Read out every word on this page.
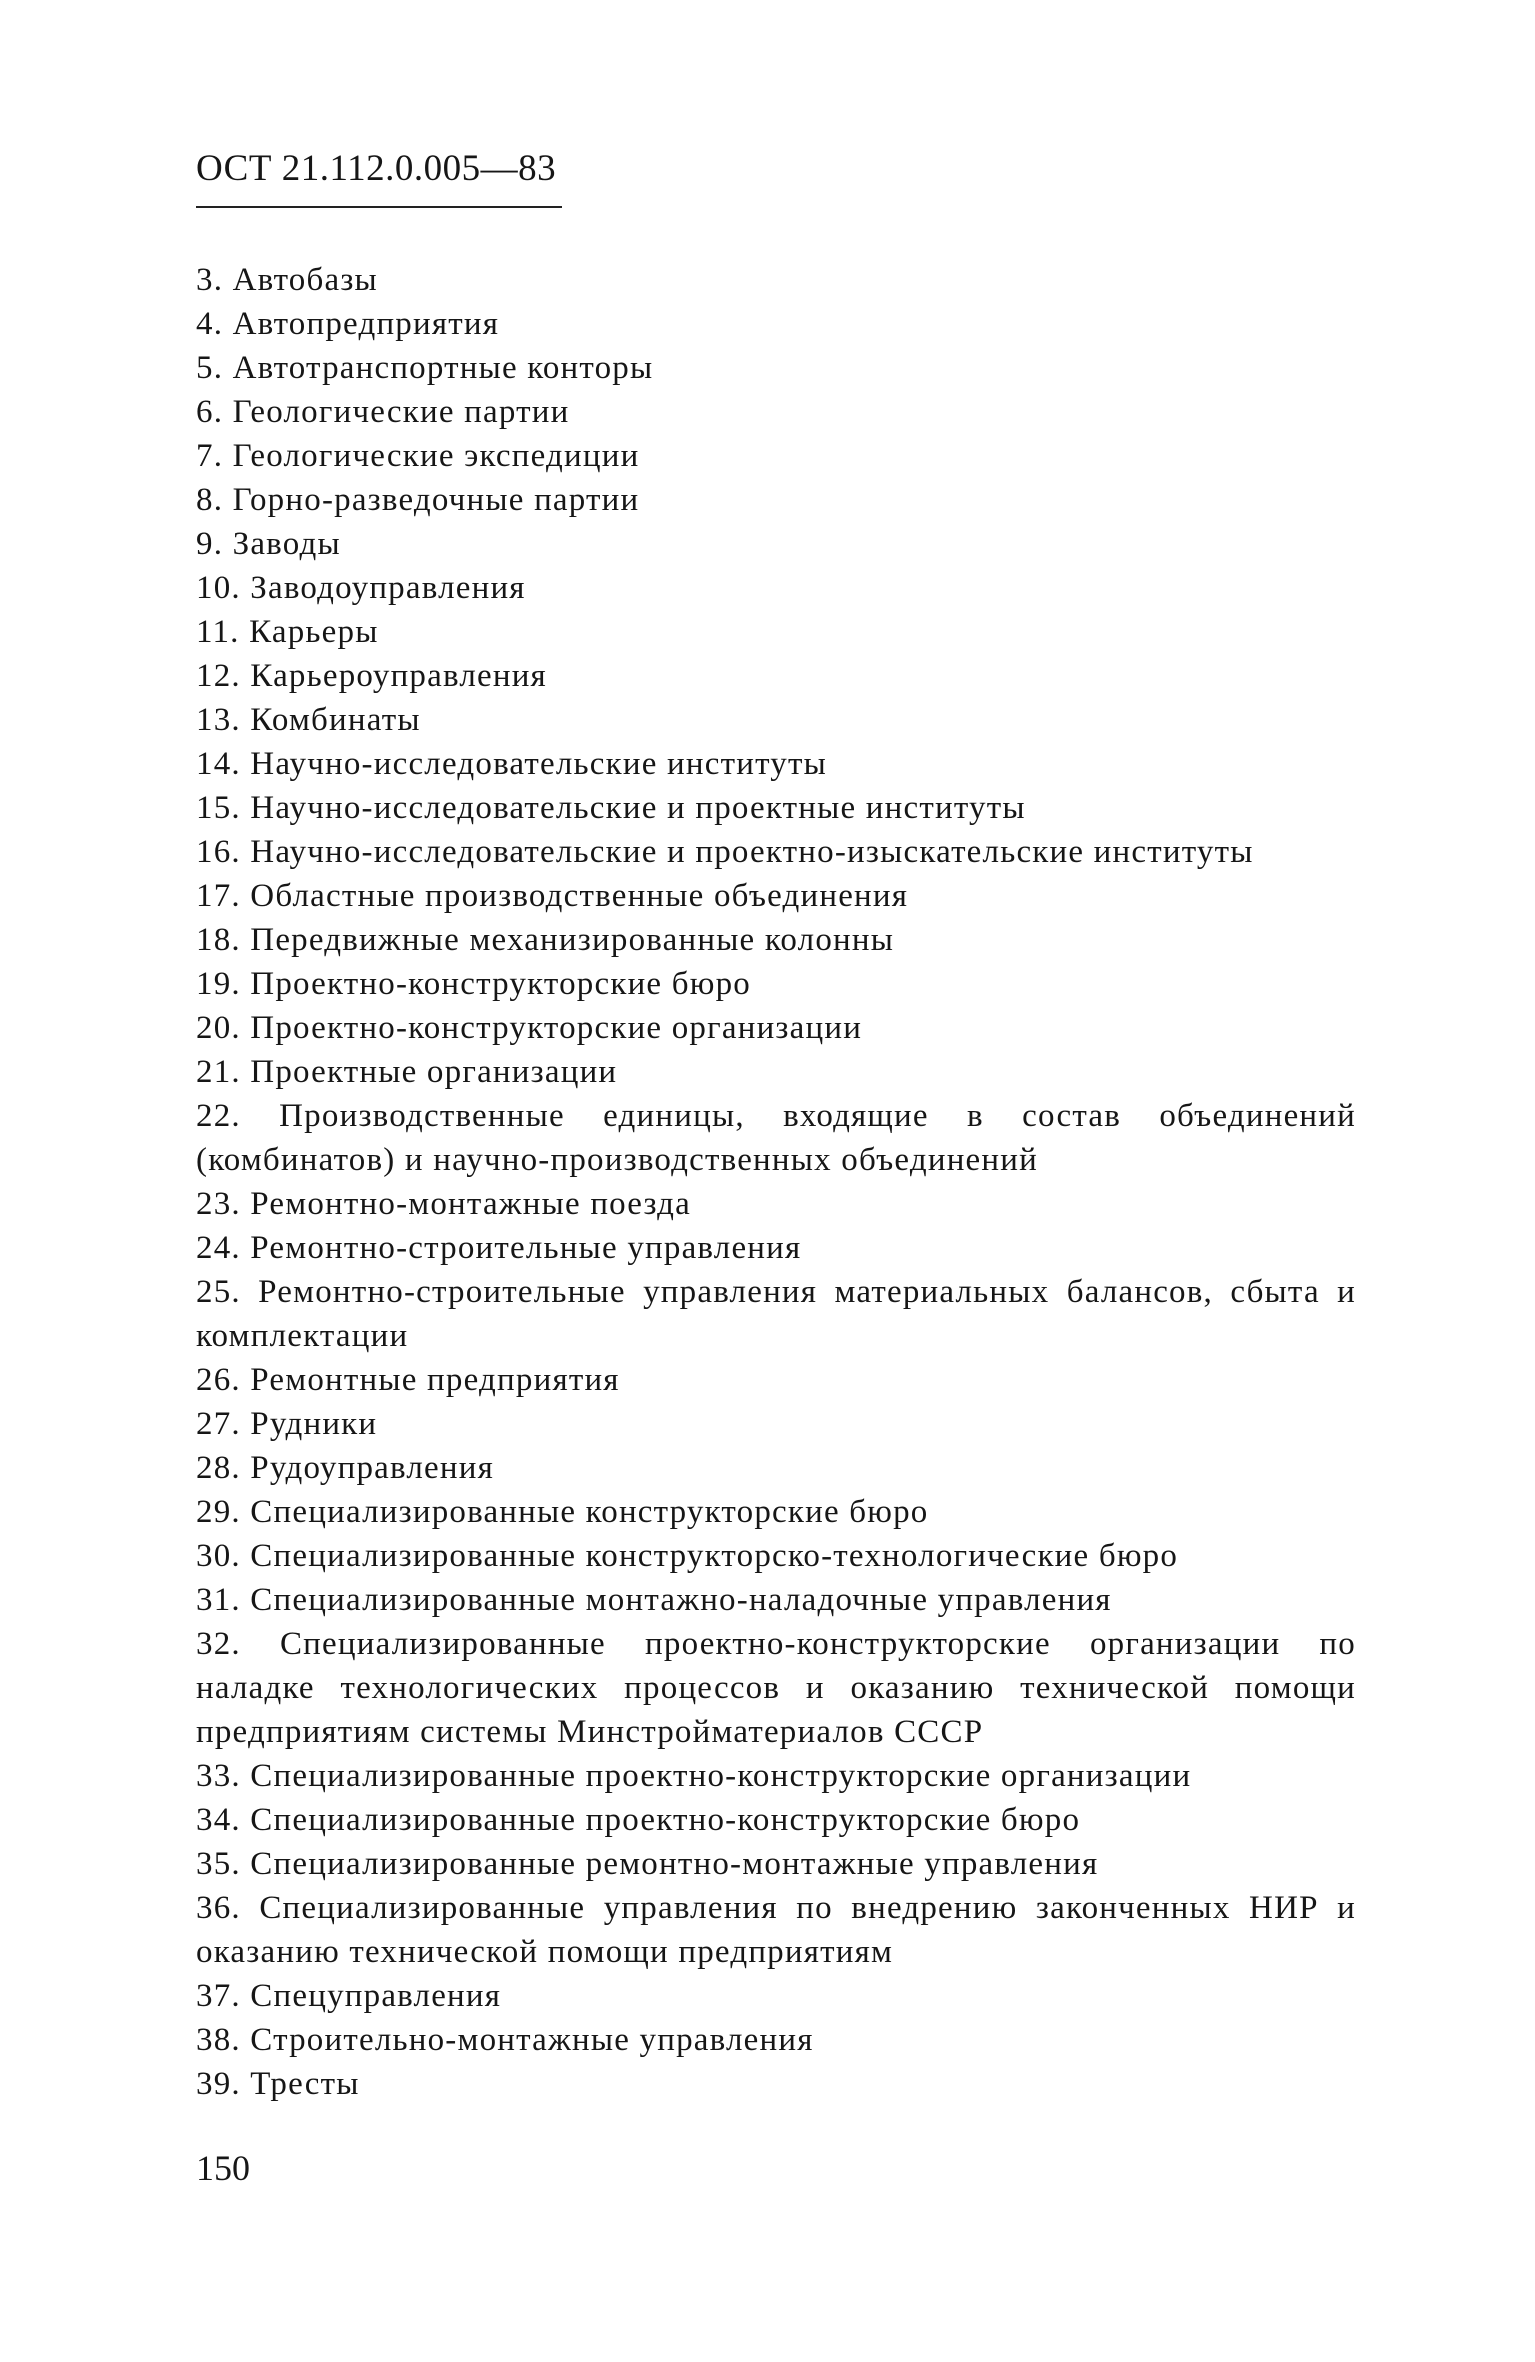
ОСТ 21.112.0.005—83
3. Автобазы
4. Автопредприятия
5. Автотранспортные конторы
6. Геологические партии
7. Геологические экспедиции
8. Горно-разведочные партии
9. Заводы
10. Заводоуправления
11. Карьеры
12. Карьероуправления
13. Комбинаты
14. Научно-исследовательские институты
15. Научно-исследовательские и проектные институты
16. Научно-исследовательские и проектно-изыскательские институты
17. Областные производственные объединения
18. Передвижные механизированные колонны
19. Проектно-конструкторские бюро
20. Проектно-конструкторские организации
21. Проектные организации
22. Производственные единицы, входящие в состав объединений (комбинатов) и научно-производственных объединений
23. Ремонтно-монтажные поезда
24. Ремонтно-строительные управления
25. Ремонтно-строительные управления материальных балансов, сбыта и комплектации
26. Ремонтные предприятия
27. Рудники
28. Рудоуправления
29. Специализированные конструкторские бюро
30. Специализированные конструкторско-технологические бюро
31. Специализированные монтажно-наладочные управления
32. Специализированные проектно-конструкторские организации по наладке технологических процессов и оказанию технической помощи предприятиям системы Минстройматериалов СССР
33. Специализированные проектно-конструкторские организации
34. Специализированные проектно-конструкторские бюро
35. Специализированные ремонтно-монтажные управления
36. Специализированные управления по внедрению законченных НИР и оказанию технической помощи предприятиям
37. Спецуправления
38. Строительно-монтажные управления
39. Тресты
150
